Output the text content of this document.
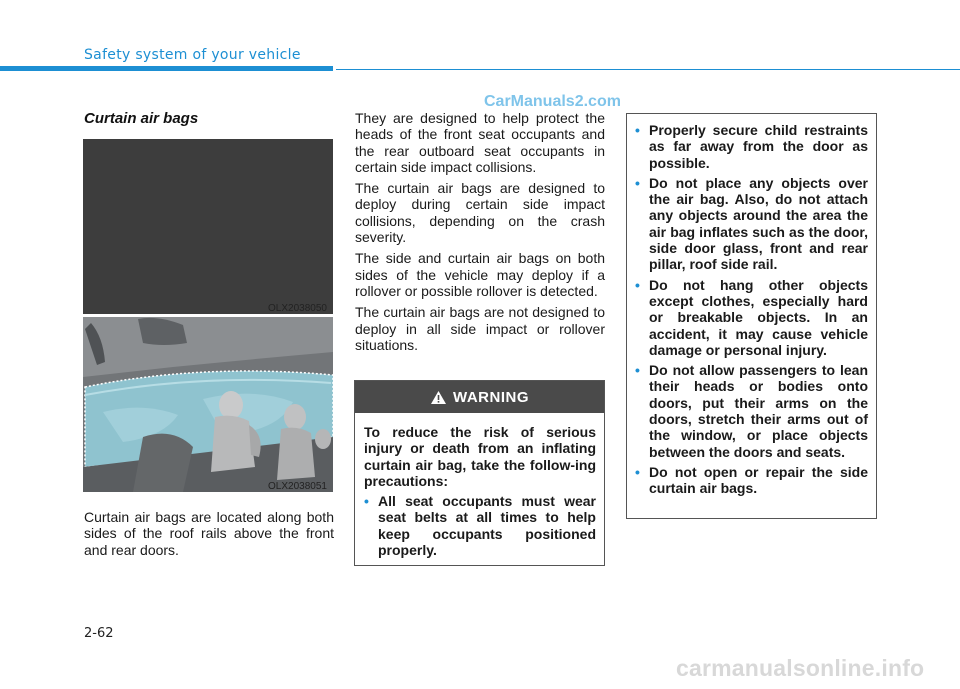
Safety system of your vehicle
CarManuals2.com
Curtain air bags
OLX2038050
OLX2038051
Curtain air bags are located along both sides of the roof rails above the front and rear doors.

They are designed to help protect the heads of the front seat occupants and the rear outboard seat occupants in certain side impact collisions.

The curtain air bags are designed to deploy during certain side impact collisions, depending on the crash severity.

The side and curtain air bags on both sides of the vehicle may deploy if a rollover or possible rollover is detected.

The curtain air bags are not designed to deploy in all side impact or rollover situations.

WARNING
To reduce the risk of serious injury or death from an inflating curtain air bag, take the follow-ing precautions:
• All seat occupants must wear seat belts at all times to help keep occupants positioned properly.
• Properly secure child restraints as far away from the door as possible.
• Do not place any objects over the air bag. Also, do not attach any objects around the area the air bag inflates such as the door, side door glass, front and rear pillar, roof side rail.
• Do not hang other objects except clothes, especially hard or breakable objects. In an accident, it may cause vehicle damage or personal injury.
• Do not allow passengers to lean their heads or bodies onto doors, put their arms on the doors, stretch their arms out of the window, or place objects between the doors and seats.
• Do not open or repair the side curtain air bags.
2-62
carmanualsonline.info
